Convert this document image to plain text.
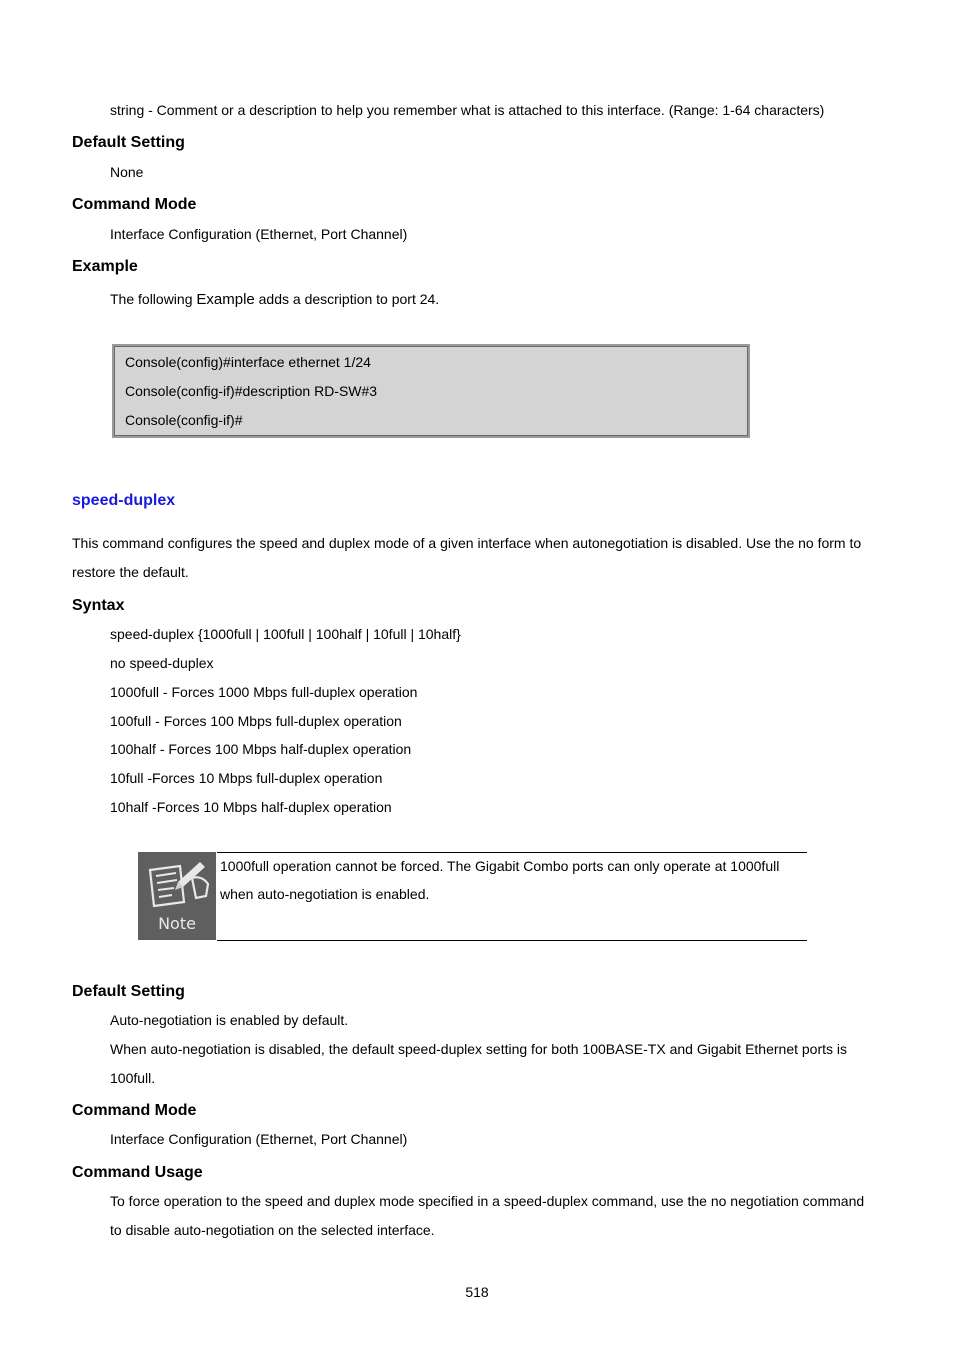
string - Comment or a description to help you remember what is attached to this interface. (Range: 1-64 characters)
Default Setting
None
Command Mode
Interface Configuration (Ethernet, Port Channel)
Example
The following Example adds a description to port 24.
Console(config)#interface ethernet 1/24
Console(config-if)#description RD-SW#3
Console(config-if)#
speed-duplex
This command configures the speed and duplex mode of a given interface when autonegotiation is disabled. Use the no form to
restore the default.
Syntax
speed-duplex {1000full | 100full | 100half | 10full | 10half}
no speed-duplex
1000full - Forces 1000 Mbps full-duplex operation
100full - Forces 100 Mbps full-duplex operation
100half - Forces 100 Mbps half-duplex operation
10full -Forces 10 Mbps full-duplex operation
10half -Forces 10 Mbps half-duplex operation
Note
1000full operation cannot be forced. The Gigabit Combo ports can only operate at 1000full
when auto-negotiation is enabled.
Default Setting
Auto-negotiation is enabled by default.
When auto-negotiation is disabled, the default speed-duplex setting for both 100BASE-TX and Gigabit Ethernet ports is
100full.
Command Mode
Interface Configuration (Ethernet, Port Channel)
Command Usage
To force operation to the speed and duplex mode specified in a speed-duplex command, use the no negotiation command
to disable auto-negotiation on the selected interface.
518
